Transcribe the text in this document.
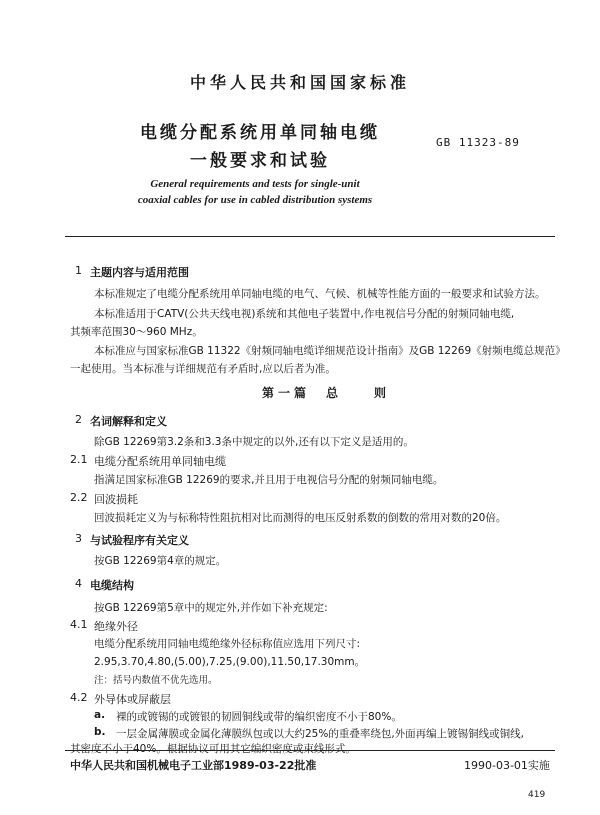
中华人民共和国国家标准
电缆分配系统用单同轴电缆
一般要求和试验
GB 11323-89
General requirements and tests for single-unit
coaxial cables for use in cabled distribution systems
1 主题内容与适用范围
本标准规定了电缆分配系统用单同轴电缆的电气、气候、机械等性能方面的一般要求和试验方法。
本标准适用于CATV(公共天线电视)系统和其他电子装置中,作电视信号分配的射频同轴电缆,
其频率范围30～960 MHz。
本标准应与国家标准GB 11322《射频同轴电缆详细规范设计指南》及GB 12269《射频电缆总规范》
一起使用。当本标准与详细规范有矛盾时,应以后者为准。
第一篇　总　　则
2 名词解释和定义
除GB 12269第3.2条和3.3条中规定的以外,还有以下定义是适用的。
2.1 电缆分配系统用单同轴电缆
指满足国家标准GB 12269的要求,并且用于电视信号分配的射频同轴电缆。
2.2 回波损耗
回波损耗定义为与标称特性阻抗相对比而测得的电压反射系数的倒数的常用对数的20倍。
3 与试验程序有关定义
按GB 12269第4章的规定。
4 电缆结构
按GB 12269第5章中的规定外,并作如下补充规定:
4.1 绝缘外径
电缆分配系统用同轴电缆绝缘外径标称值应选用下列尺寸:
2.95,3.70,4.80,(5.00),7.25,(9.00),11.50,17.30mm。
注：括号内数值不优先选用。
4.2 外导体或屏蔽层
a. 裸的或镀锡的或镀银的韧圆铜线或带的编织密度不小于80%。
b. 一层金属薄膜或金属化薄膜纵包或以大约25%的重叠率绕包,外面再编上镀锡铜线或铜线,
其密度不小于40%。根据协议可用其它编织密度或束线形式。
中华人民共和国机械电子工业部1989-03-22批准	1990-03-01实施
419
